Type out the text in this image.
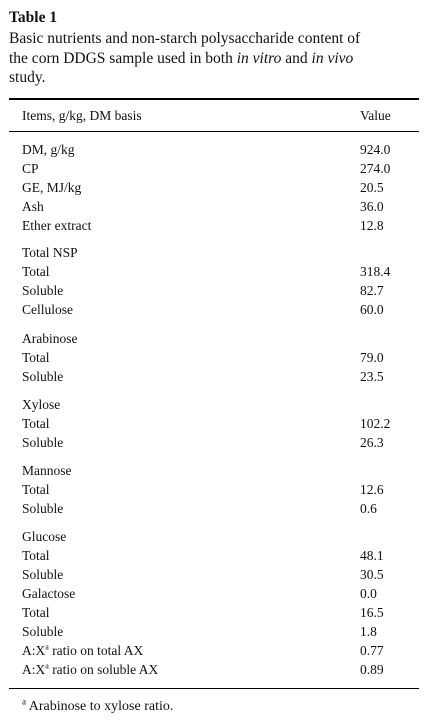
Table 1
Basic nutrients and non-starch polysaccharide content of
the corn DDGS sample used in both in vitro and in vivo
study.
Items, g/kg, DM basis	Value
DM, g/kg	924.0
CP	274.0
GE, MJ/kg	20.5
Ash	36.0
Ether extract	12.8
Total NSP
Total	318.4
Soluble	82.7
Cellulose	60.0
Arabinose
Total	79.0
Soluble	23.5
Xylose
Total	102.2
Soluble	26.3
Mannose
Total	12.6
Soluble	0.6
Glucose
Total	48.1
Soluble	30.5
Galactose	0.0
Total	16.5
Soluble	1.8
$A:X^a$ ratio on total AX	0.77
$A:X^a$ ratio on soluble AX	0.89
$^a$ Arabinose to xylose ratio.
